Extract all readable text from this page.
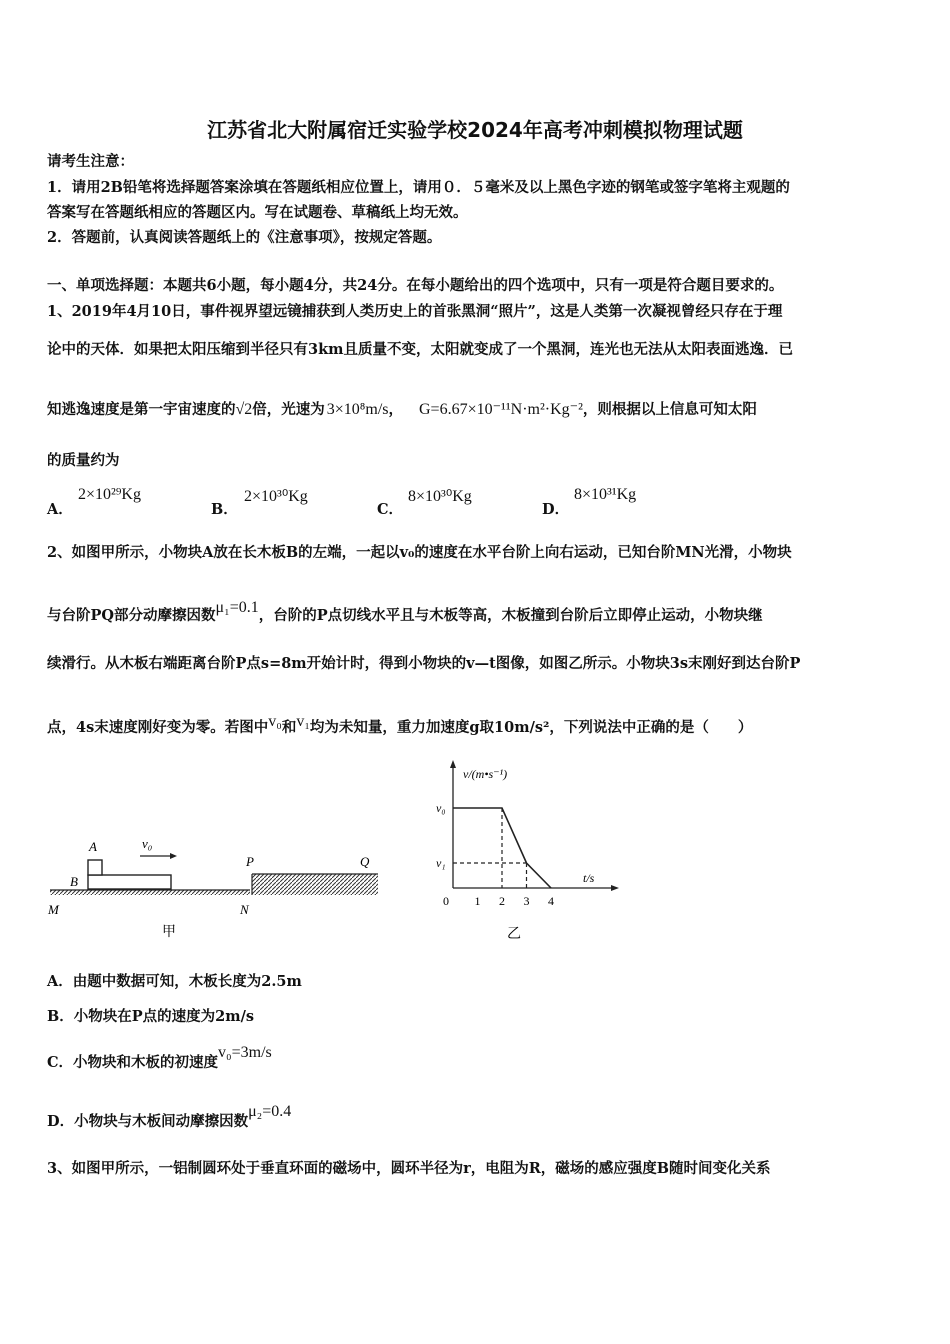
江苏省北大附属宿迁实验学校2024年高考冲刺模拟物理试题
请考生注意：
1．请用2B铅笔将选择题答案涂填在答题纸相应位置上，请用０．５毫米及以上黑色字迹的钢笔或签字笔将主观题的
答案写在答题纸相应的答题区内。写在试题卷、草稿纸上均无效。
2．答题前，认真阅读答题纸上的《注意事项》，按规定答题。
一、单项选择题：本题共6小题，每小题4分，共24分。在每小题给出的四个选项中，只有一项是符合题目要求的。
1、2019年4月10日，事件视界望远镜捕获到人类历史上的首张黑洞“照片”，这是人类第一次凝视曾经只存在于理
论中的天体．如果把太阳压缩到半径只有3km且质量不变，太阳就变成了一个黑洞，连光也无法从太阳表面逃逸．已
知逃逸速度是第一宇宙速度的√2倍，光速为 3×10⁸m/s， G=6.67×10⁻¹¹N·m²·Kg⁻²，则根据以上信息可知太阳
的质量约为
A．
2×10²⁹Kg
B．
2×10³⁰Kg
C．
8×10³⁰Kg
D．
8×10³¹Kg
2、如图甲所示，小物块A放在长木板B的左端，一起以v₀的速度在水平台阶上向右运动，已知台阶MN光滑，小物块
与台阶PQ部分动摩擦因数μ₁=0.1，台阶的P点切线水平且与木板等高，木板撞到台阶后立即停止运动，小物块继
续滑行。从木板右端距离台阶P点s=8m开始计时，得到小物块的v—t图像，如图乙所示。小物块3s末刚好到达台阶P
点，4s末速度刚好变为零。若图中v₀和v₁均为未知量，重力加速度g取10m/s²，下列说法中正确的是（　　）
A
B
v₀
P	Q
M	N
甲
v/(m•s⁻¹)
t/s
v₀
v₁
0 1 2 3 4
乙
A．由题中数据可知，木板长度为2.5m
B．小物块在P点的速度为2m/s
C．小物块和木板的初速度v₀=3m/s
D．小物块与木板间动摩擦因数μ₂=0.4
3、如图甲所示，一铝制圆环处于垂直环面的磁场中，圆环半径为r，电阻为R，磁场的感应强度B随时间变化关系
